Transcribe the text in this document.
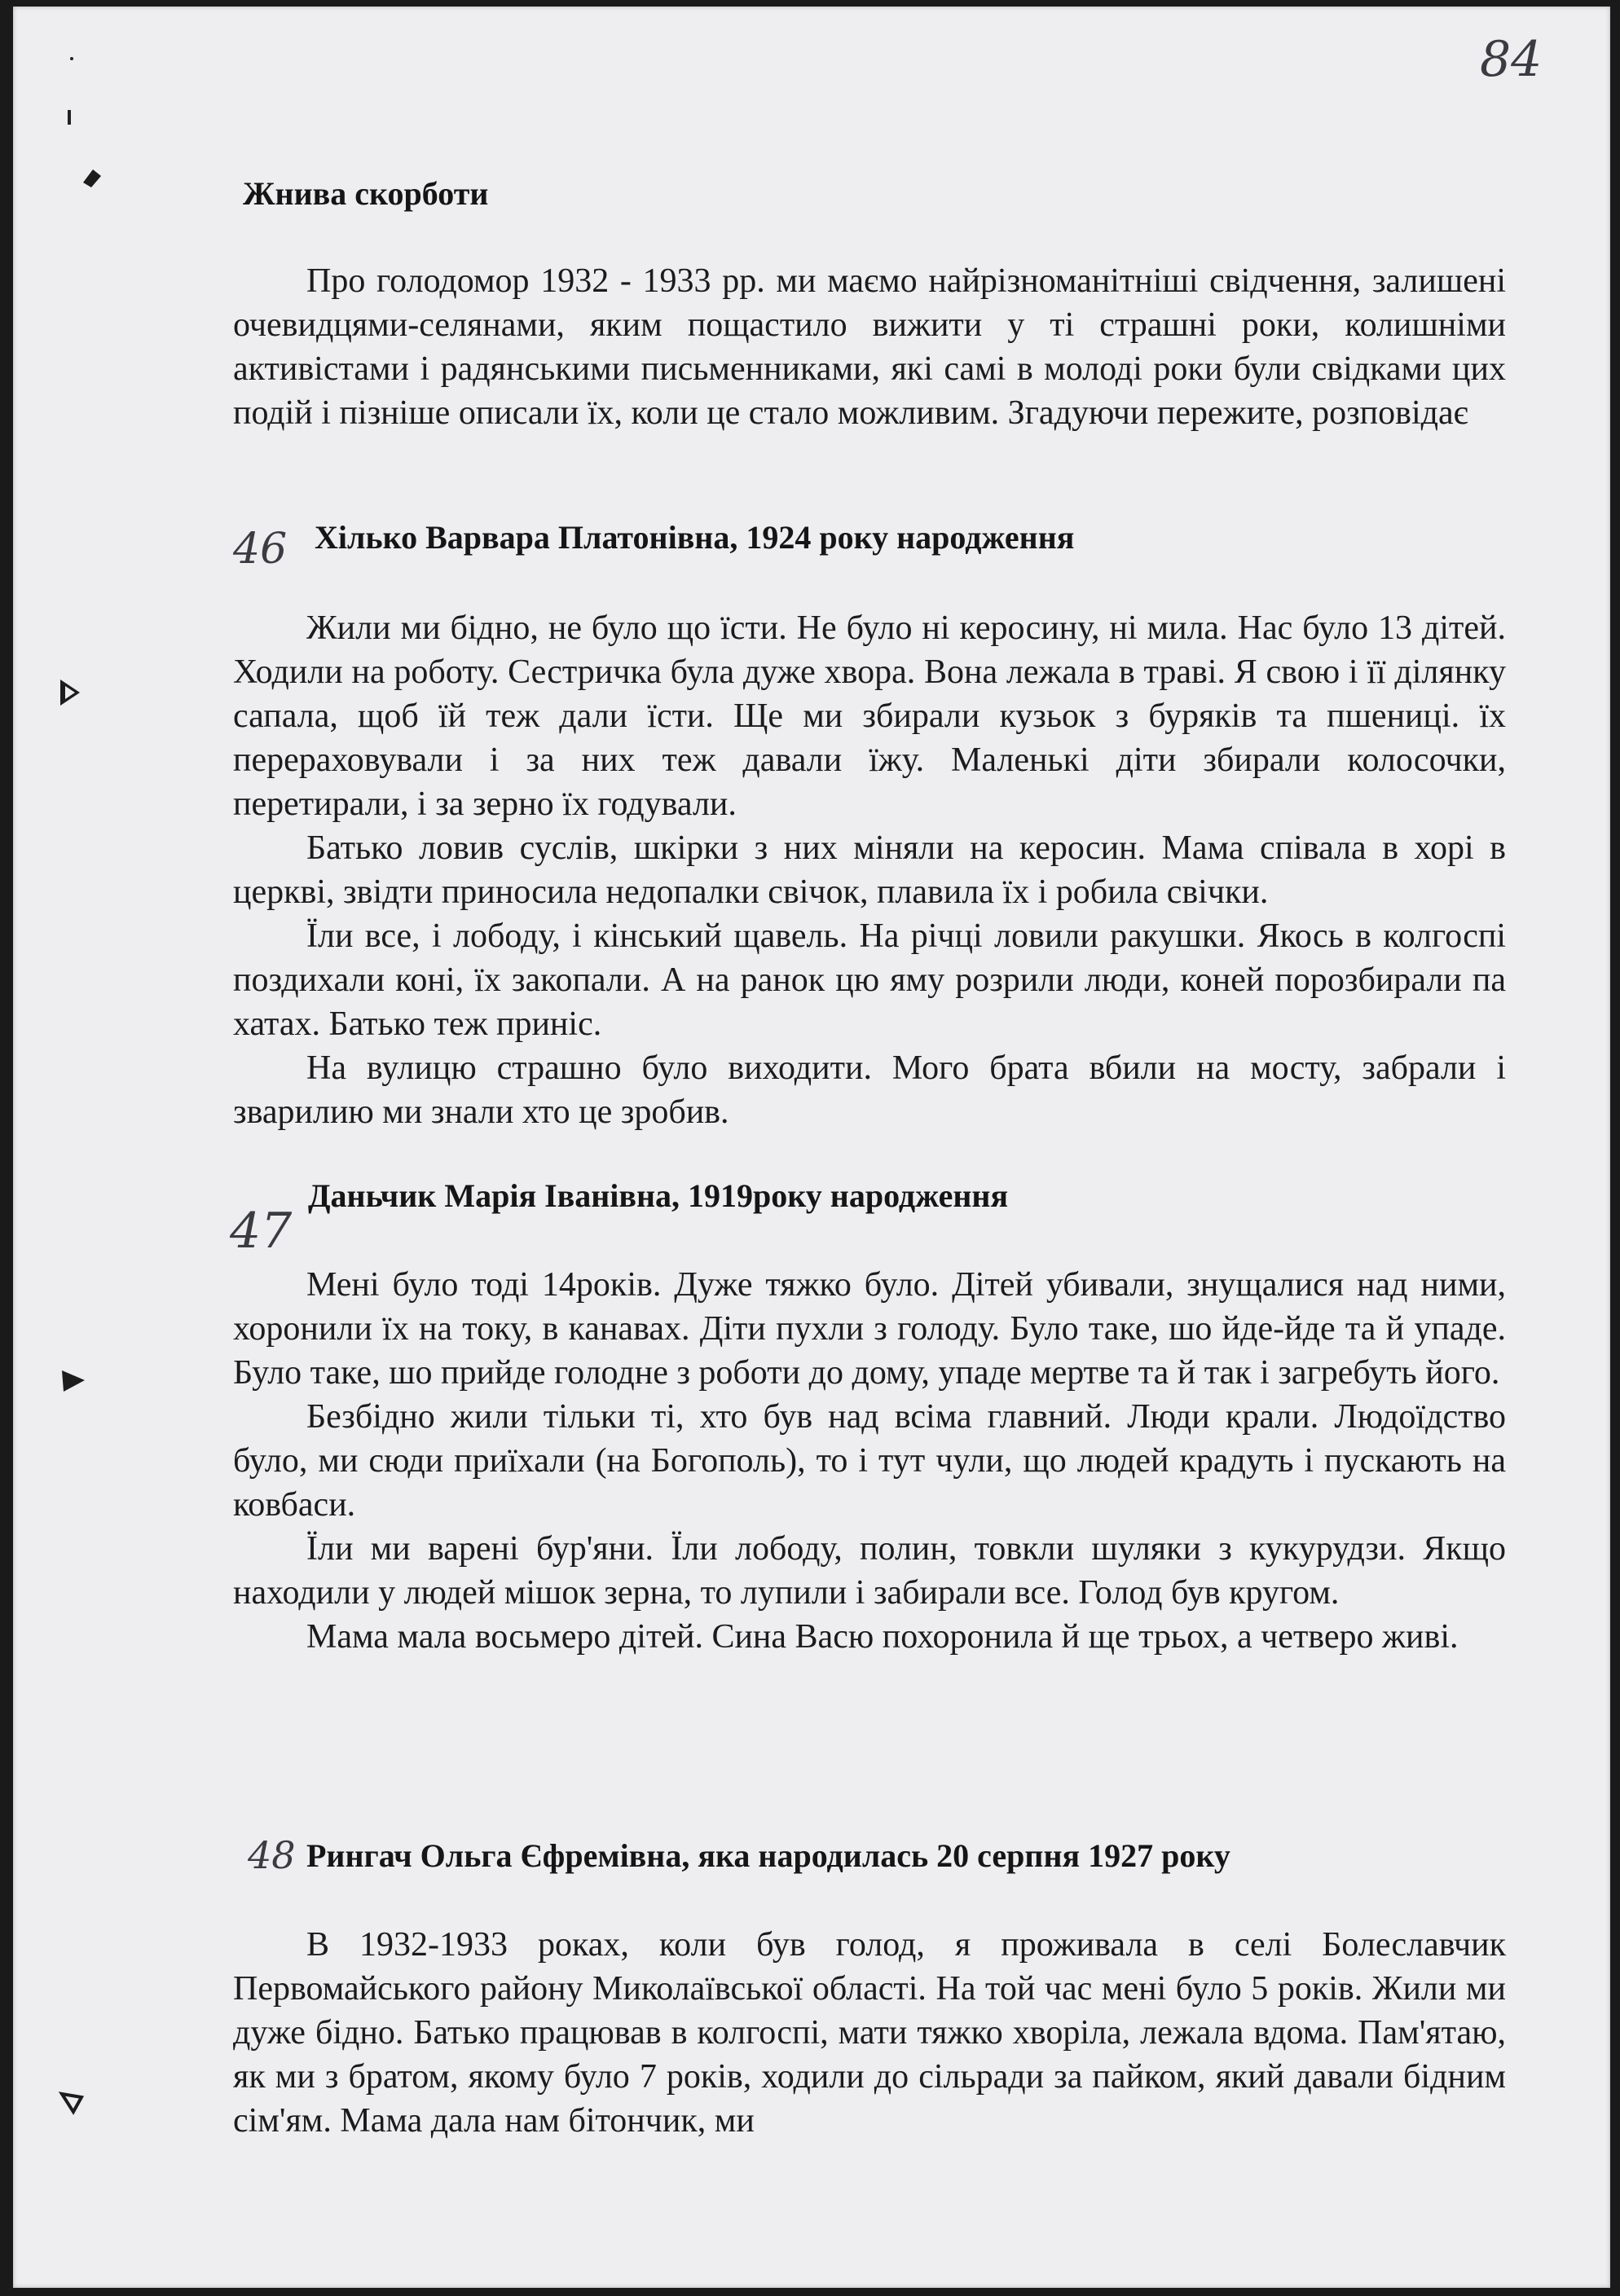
84
Жнива скорботи

Про голодомор 1932 - 1933 рр. ми маємо найрізноманітніші свідчення, залишені очевидцями-селянами, яким пощастило вижити у ті страшні роки, колишніми активістами і радянськими письменниками, які самі в молоді роки були свідками цих подій і пізніше описали їх, коли це стало можливим. Згадуючи пережите, розповідає

46 Хілько Варвара Платонівна, 1924 року народження

Жили ми бідно, не було що їсти. Не було ні керосину, ні мила. Нас було 13 дітей. Ходили на роботу. Сестричка була дуже хвора. Вона лежала в траві. Я свою і її ділянку сапала, щоб їй теж дали їсти. Ще ми збирали кузьок з буряків та пшениці. їх перераховували і за них теж давали їжу. Маленькі діти збирали колосочки, перетирали, і за зерно їх годували.

Батько ловив суслів, шкірки з них міняли на керосин. Мама співала в хорі в церкві, звідти приносила недопалки свічок, плавила їх і робила свічки.

Їли все, і лободу, і кінський щавель. На річці ловили ракушки. Якось в колгоспі поздихали коні, їх закопали. А на ранок цю яму розрили люди, коней порозбирали па хатах. Батько теж приніс.

На вулицю страшно було виходити. Мого брата вбили на мосту, забрали і зварилию ми знали хто це зробив.

47
Даньчик Марія Іванівна, 1919року народження

Мені було тоді 14років. Дуже тяжко було. Дітей убивали, знущалися над ними, хоронили їх на току, в канавах. Діти пухли з голоду. Було таке, шо йде-йде та й упаде. Було таке, шо прийде голодне з роботи до дому, упаде мертве та й так і загребуть його.

Безбідно жили тільки ті, хто був над всіма главний. Люди крали. Людоїдство було, ми сюди приїхали (на Богополь), то і тут чули, що людей крадуть і пускають на ковбаси.

Їли ми варені бур'яни. Їли лободу, полин, товкли шуляки з кукурудзи. Якщо находили у людей мішок зерна, то лупили і забирали все. Голод був кругом.

Мама мала восьмеро дітей. Сина Васю похоронила й ще трьох, а четверо живі.

48 Рингач Ольга Єфремівна, яка народилась 20 серпня 1927 року

В 1932-1933 роках, коли був голод, я проживала в селі Болеславчик Первомайського району Миколаївської області. На той час мені було 5 років. Жили ми дуже бідно. Батько працював в колгоспі, мати тяжко хворіла, лежала вдома. Пам'ятаю, як ми з братом, якому було 7 років, ходили до сільради за пайком, який давали бідним сім'ям. Мама дала нам бітончик, ми
